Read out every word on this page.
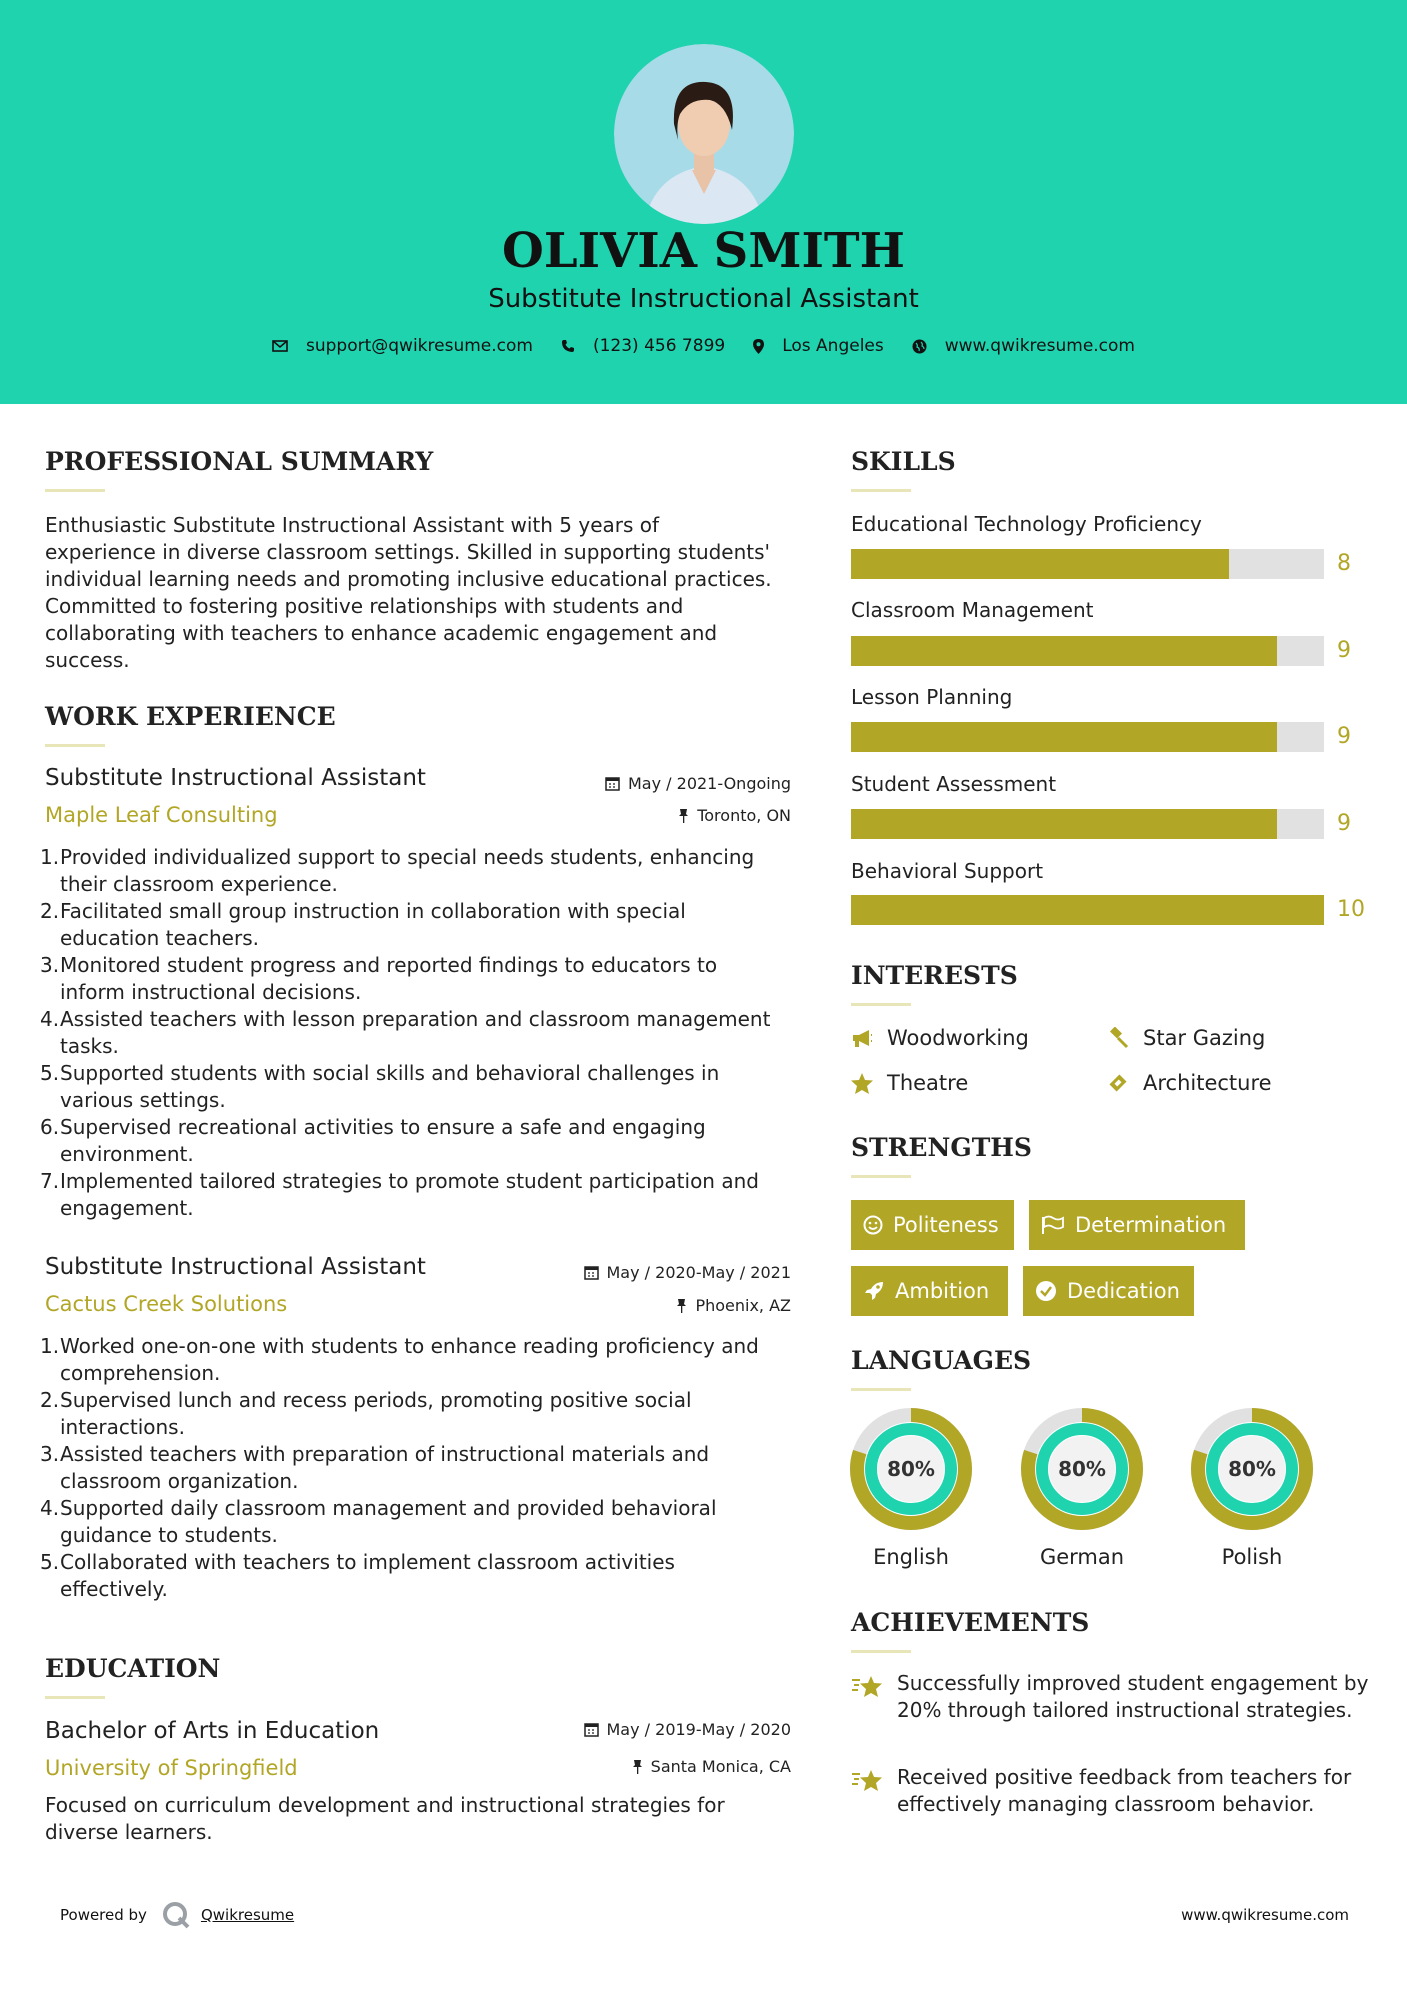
OLIVIA SMITH
Substitute Instructional Assistant
support@qwikresume.com	(123) 456 7899	Los Angeles	www.qwikresume.com
PROFESSIONAL SUMMARY
Enthusiastic Substitute Instructional Assistant with 5 years of experience in diverse classroom settings. Skilled in supporting students' individual learning needs and promoting inclusive educational practices. Committed to fostering positive relationships with students and collaborating with teachers to enhance academic engagement and success.
WORK EXPERIENCE
Substitute Instructional Assistant	May / 2021-Ongoing
Maple Leaf Consulting	Toronto, ON
1. Provided individualized support to special needs students, enhancing their classroom experience.
2. Facilitated small group instruction in collaboration with special education teachers.
3. Monitored student progress and reported findings to educators to inform instructional decisions.
4. Assisted teachers with lesson preparation and classroom management tasks.
5. Supported students with social skills and behavioral challenges in various settings.
6. Supervised recreational activities to ensure a safe and engaging environment.
7. Implemented tailored strategies to promote student participation and engagement.
Substitute Instructional Assistant	May / 2020-May / 2021
Cactus Creek Solutions	Phoenix, AZ
1. Worked one-on-one with students to enhance reading proficiency and comprehension.
2. Supervised lunch and recess periods, promoting positive social interactions.
3. Assisted teachers with preparation of instructional materials and classroom organization.
4. Supported daily classroom management and provided behavioral guidance to students.
5. Collaborated with teachers to implement classroom activities effectively.
EDUCATION
Bachelor of Arts in Education	May / 2019-May / 2020
University of Springfield	Santa Monica, CA
Focused on curriculum development and instructional strategies for diverse learners.
SKILLS
Educational Technology Proficiency
8
Classroom Management
9
Lesson Planning
9
Student Assessment
9
Behavioral Support
10
INTERESTS
Woodworking	Star Gazing
Theatre	Architecture
STRENGTHS
Politeness	Determination
Ambition	Dedication
LANGUAGES
80%	80%	80%
English	German	Polish
ACHIEVEMENTS
Successfully improved student engagement by 20% through tailored instructional strategies.
Received positive feedback from teachers for effectively managing classroom behavior.
Powered by	Qwikresume	www.qwikresume.com
